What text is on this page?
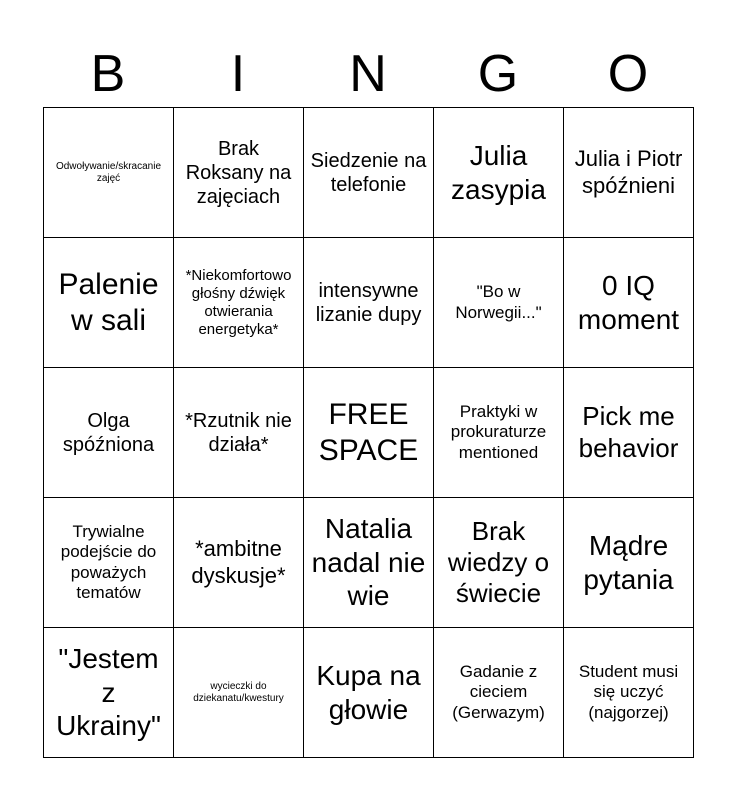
B	I	N	G	O
Odwoływanie/skracanie zajęć	Brak Roksany na zajęciach	Siedzenie na telefonie	Julia zasypia	Julia i Piotr spóźnieni

Palenie w sali	*Niekomfortowo głośny dźwięk otwierania energetyka*	intensywne lizanie dupy	"Bo w Norwegii..."	0 IQ moment

Olga spóźniona	*Rzutnik nie działa*	FREE SPACE	Praktyki w prokuraturze mentioned	Pick me behavior

Trywialne podejście do poważych tematów	*ambitne dyskusje*	Natalia nadal nie wie	Brak wiedzy o świecie	Mądre pytania

"Jestem z Ukrainy"	wycieczki do dziekanatu/kwestury	Kupa na głowie	Gadanie z cieciem (Gerwazym)	Student musi się uczyć (najgorzej)
